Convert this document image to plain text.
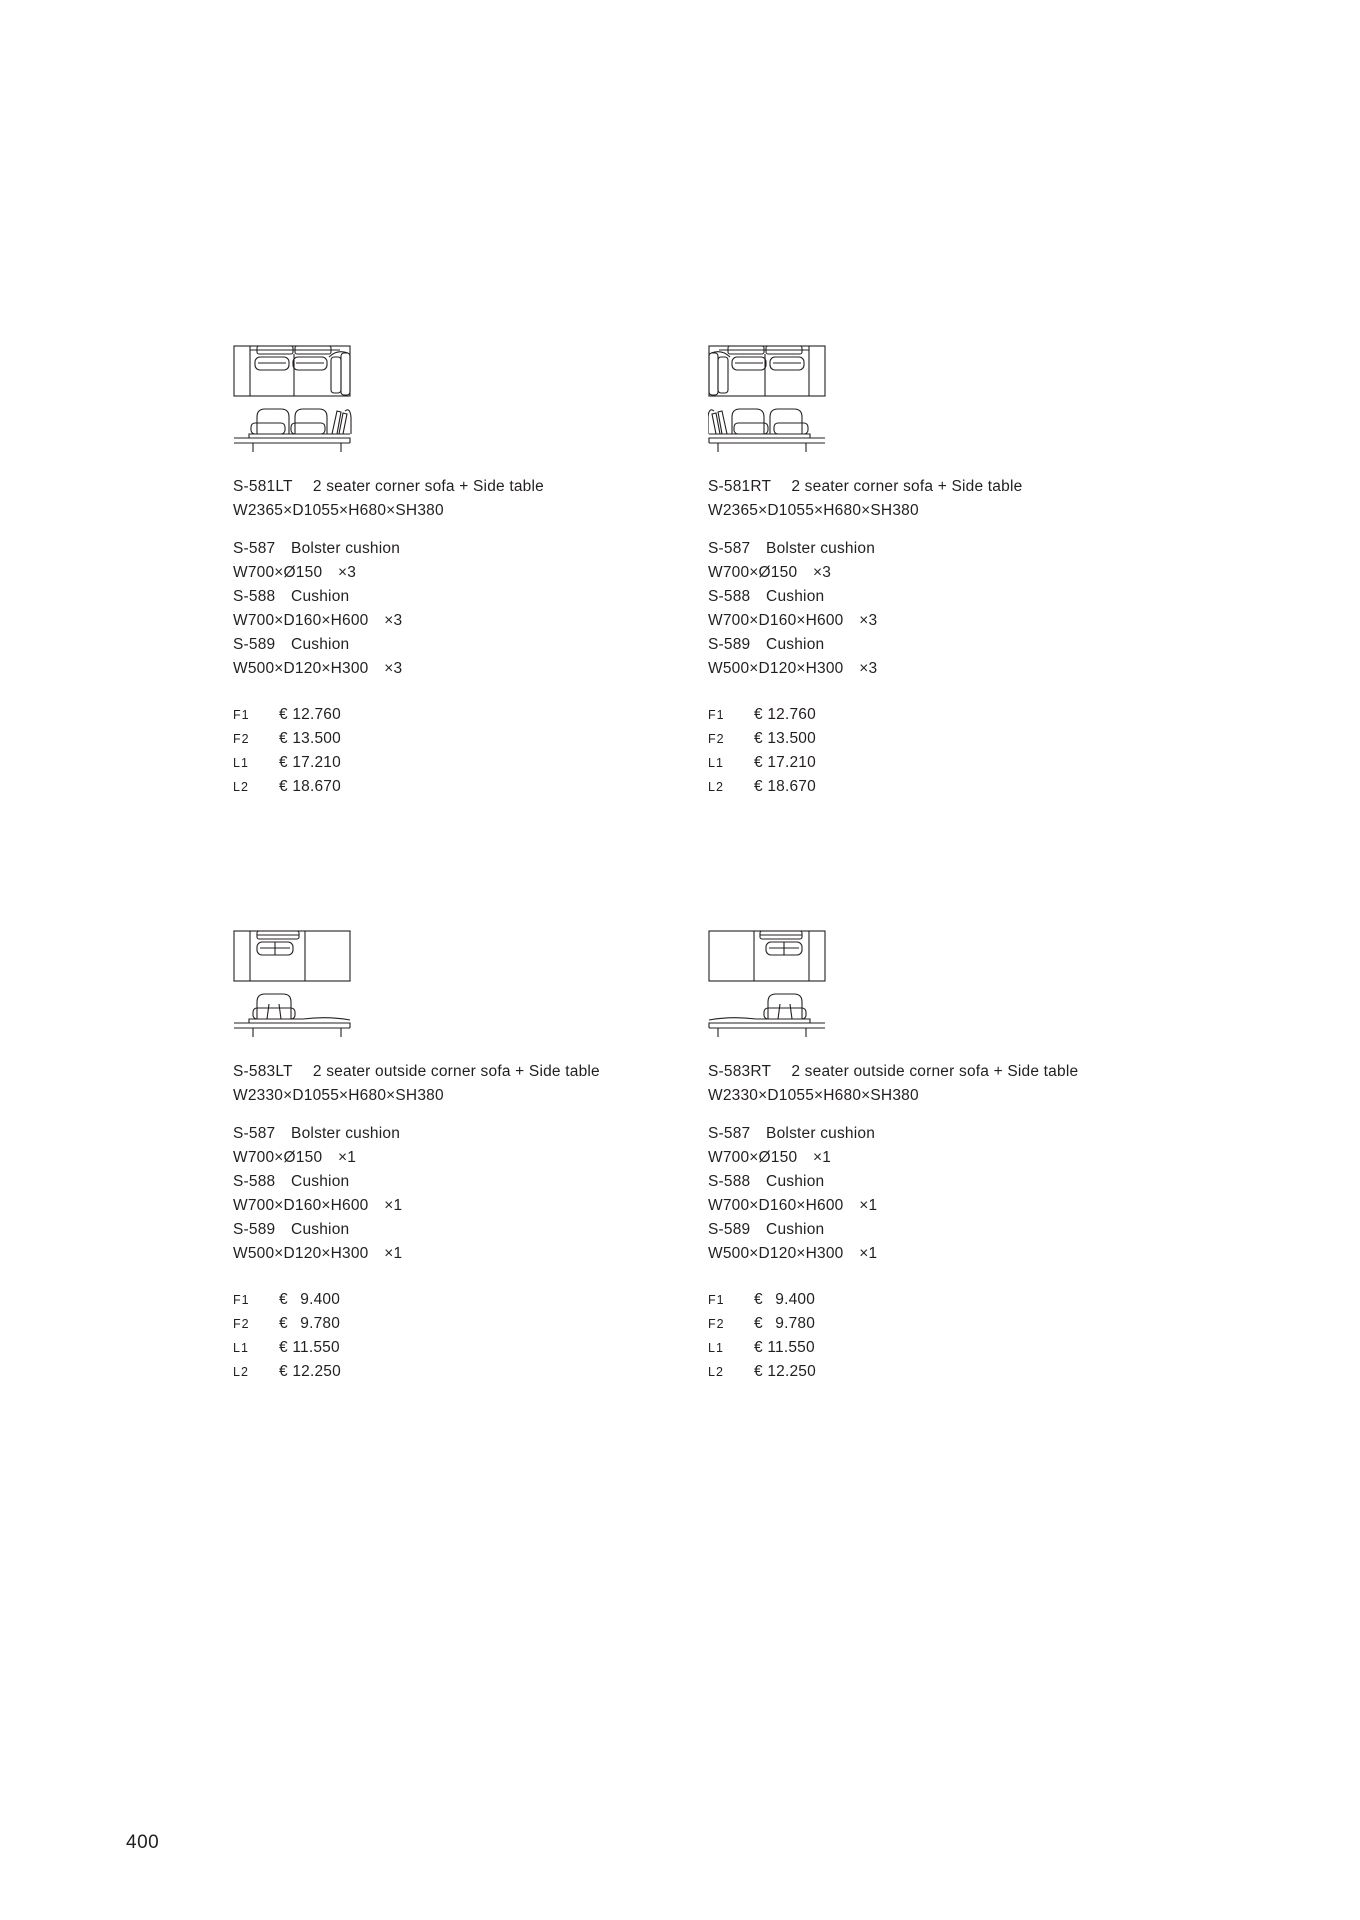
S-581LT  2 seater corner sofa + Side table
W2365×D1055×H680×SH380
S-587 Bolster cushion
W700×Ø150 ×3
S-588 Cushion
W700×D160×H600 ×3
S-589 Cushion
W500×D120×H300 ×3
F1	€ 12.760
F2	€ 13.500
L1	€ 17.210
L2	€ 18.670
S-581RT  2 seater corner sofa + Side table
W2365×D1055×H680×SH380
S-587 Bolster cushion
W700×Ø150 ×3
S-588 Cushion
W700×D160×H600 ×3
S-589 Cushion
W500×D120×H300 ×3
F1	€ 12.760
F2	€ 13.500
L1	€ 17.210
L2	€ 18.670
S-583LT  2 seater outside corner sofa + Side table
W2330×D1055×H680×SH380
S-587 Bolster cushion
W700×Ø150 ×1
S-588 Cushion
W700×D160×H600 ×1
S-589 Cushion
W500×D120×H300 ×1
F1	€  9.400
F2	€  9.780
L1	€ 11.550
L2	€ 12.250
S-583RT  2 seater outside corner sofa + Side table
W2330×D1055×H680×SH380
S-587 Bolster cushion
W700×Ø150 ×1
S-588 Cushion
W700×D160×H600 ×1
S-589 Cushion
W500×D120×H300 ×1
F1	€  9.400
F2	€  9.780
L1	€ 11.550
L2	€ 12.250
400
